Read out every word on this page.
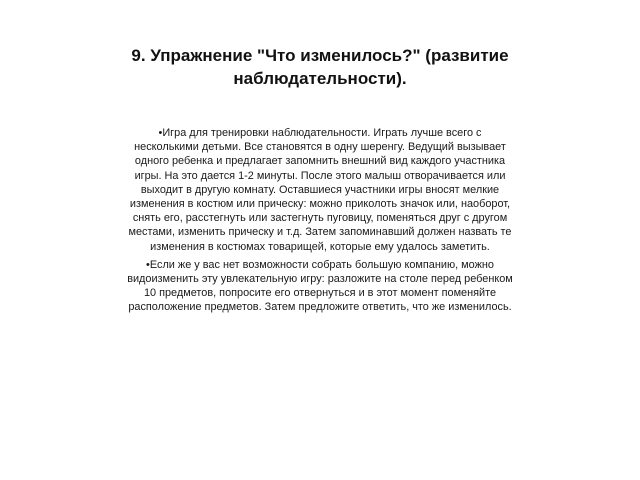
9. Упражнение "Что изменилось?" (развитие наблюдательности).

•Игра для тренировки наблюдательности. Играть лучше всего с несколькими детьми. Все становятся в одну шеренгу. Ведущий вызывает одного ребенка и предлагает запомнить внешний вид каждого участника игры. На это дается 1-2 минуты. После этого малыш отворачивается или выходит в другую комнату. Оставшиеся участники игры вносят мелкие изменения в костюм или прическу: можно приколоть значок или, наоборот, снять его, расстегнуть или застегнуть пуговицу, поменяться друг с другом местами, изменить прическу и т.д. Затем запоминавший должен назвать те изменения в костюмах товарищей, которые ему удалось заметить.

•Если же у вас нет возможности собрать большую компанию, можно видоизменить эту увлекательную игру: разложите на столе перед ребенком 10 предметов, попросите его отвернуться и в этот момент поменяйте расположение предметов. Затем предложите ответить, что же изменилось.
